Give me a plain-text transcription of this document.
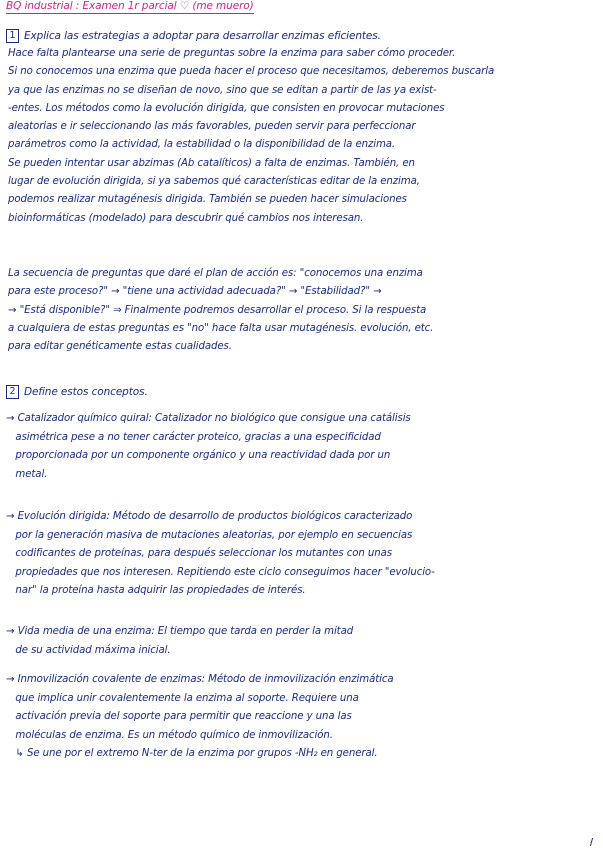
BQ industrial : Examen 1r parcial ♡ (me muero)
1 Explica las estrategias a adoptar para desarrollar enzimas eficientes.

Hace falta plantearse una serie de preguntas sobre la enzima para saber cómo proceder.
Si no conocemos una enzima que pueda hacer el proceso que necesitamos, deberemos buscarla
ya que las enzimas no se diseñan de novo, sino que se editan a partir de las ya exist-
-entes. Los métodos como la evolución dirigida, que consisten en provocar mutaciones
aleatorias e ir seleccionando las más favorables, pueden servir para perfeccionar
parámetros como la actividad, la estabilidad o la disponibilidad de la enzima.
Se pueden intentar usar abzimas (Ab catalíticos) a falta de enzimas. También, en
lugar de evolución dirigida, si ya sabemos qué características editar de la enzima,
podemos realizar mutagénesis dirigida. También se pueden hacer simulaciones
bioinformáticas (modelado) para descubrir qué cambios nos interesan.

La secuencia de preguntas que daré el plan de acción es: "conocemos una enzima
para este proceso?" → "tiene una actividad adecuada?" → "Estabilidad?" →
→ "Está disponible?" ⇒ Finalmente podremos desarrollar el proceso. Si la respuesta
a cualquiera de estas preguntas es "no" hace falta usar mutagénesis. evolución, etc.
para editar genéticamente estas cualidades.

2 Define estos conceptos.

→ Catalizador químico quiral: Catalizador no biológico que consigue una catálisis
asimétrica pese a no tener carácter proteico, gracias a una especificidad
proporcionada por un componente orgánico y una reactividad dada por un
metal.

→ Evolución dirigida: Método de desarrollo de productos biológicos caracterizado
por la generación masiva de mutaciones aleatorias, por ejemplo en secuencias
codificantes de proteínas, para después seleccionar los mutantes con unas
propiedades que nos interesen. Repitiendo este ciclo conseguimos hacer "evolucio-
nar" la proteína hasta adquirir las propiedades de interés.

→ Vida media de una enzima: El tiempo que tarda en perder la mitad
de su actividad máxima inicial.

→ Inmovilización covalente de enzimas: Método de inmovilización enzimática
que implica unir covalentemente la enzima al soporte. Requiere una
activación previa del soporte para permitir que reaccione y una las
moléculas de enzima. Es un método químico de inmovilización.
↳ Se une por el extremo N-ter de la enzima por grupos -NH₂ en general.
